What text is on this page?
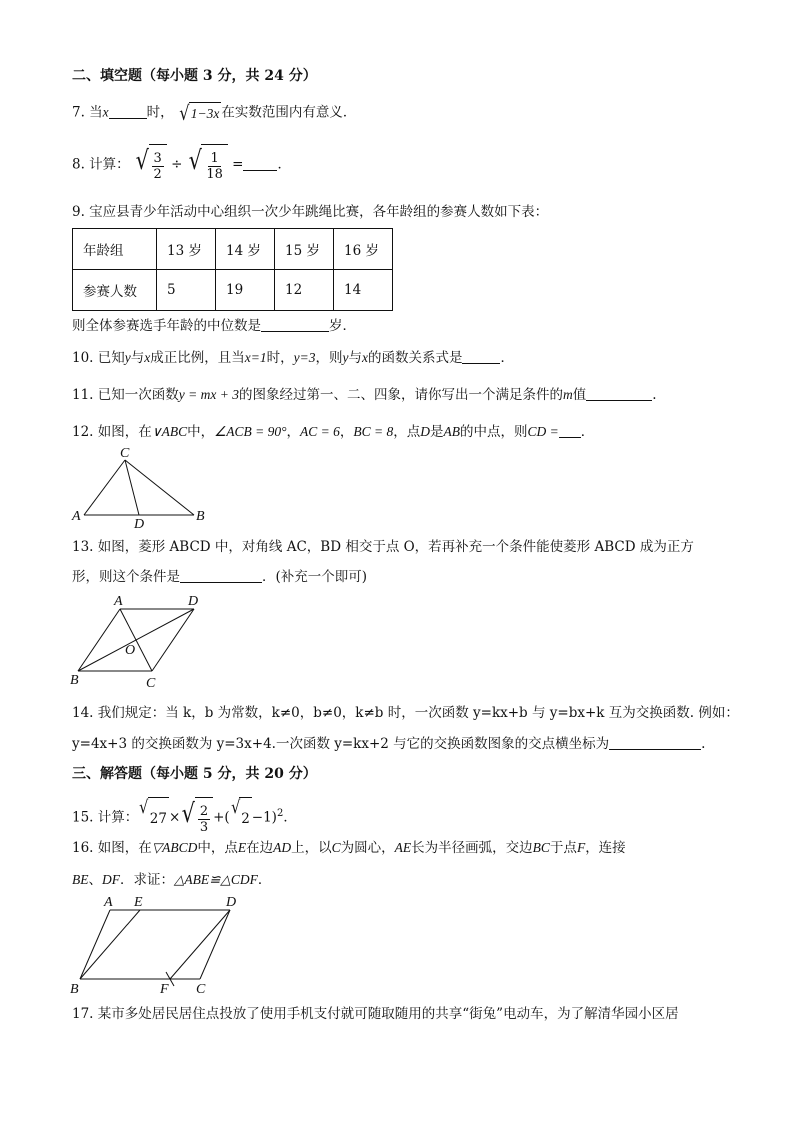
二、填空题（每小题 3 分，共 24 分）
7. 当x	时， √ 1−3x 在实数范围内有意义．
8. 计算： √ $\frac{3}{2}$ ÷ √ $\frac{1}{18}$ =	．
9. 宝应县青少年活动中心组织一次少年跳绳比赛，各年龄组的参赛人数如下表：
年龄组	13 岁	14 岁	15 岁	16 岁
参赛人数	5	19	12	14
则全体参赛选手年龄的中位数是	岁．
10. 已知y与x成正比例，且当x=1时，y=3，则y与x的函数关系式是	．
11. 已知一次函数y = mx + 3的图象经过第一、二、四象，请你写出一个满足条件的m值	.
12. 如图，在∨ABC中，∠ACB = 90°，AC = 6，BC = 8，点D是AB的中点，则CD = ．
C
A
D
B
13. 如图，菱形 ABCD 中，对角线 AC，BD 相交于点 O，若再补充一个条件能使菱形 ABCD 成为正方
形，则这个条件是	．(补充一个即可)
A	D
O
B	C
14. 我们规定：当 k，b 为常数，k≠0，b≠0，k≠b 时，一次函数 y=kx+b 与 y=bx+k 互为交换函数. 例如：
y=4x+3 的交换函数为 y=3x+4.一次函数 y=kx+2 与它的交换函数图象的交点横坐标为	.
三、解答题（每小题 5 分，共 20 分）
15. 计算： √
27 × √ $\frac{2}{3}$ +( √
2 −1)$^2$．
16. 如图，在▽ABCD中，点E在边AD上，以C为圆心，AE长为半径画弧，交边BC于点F，连接
BE、DF．求证：△ABE≌△CDF．
A E	D
B	F C
17. 某市多处居民居住点投放了使用手机支付就可随取随用的共享“街兔”电动车，为了解清华园小区居
